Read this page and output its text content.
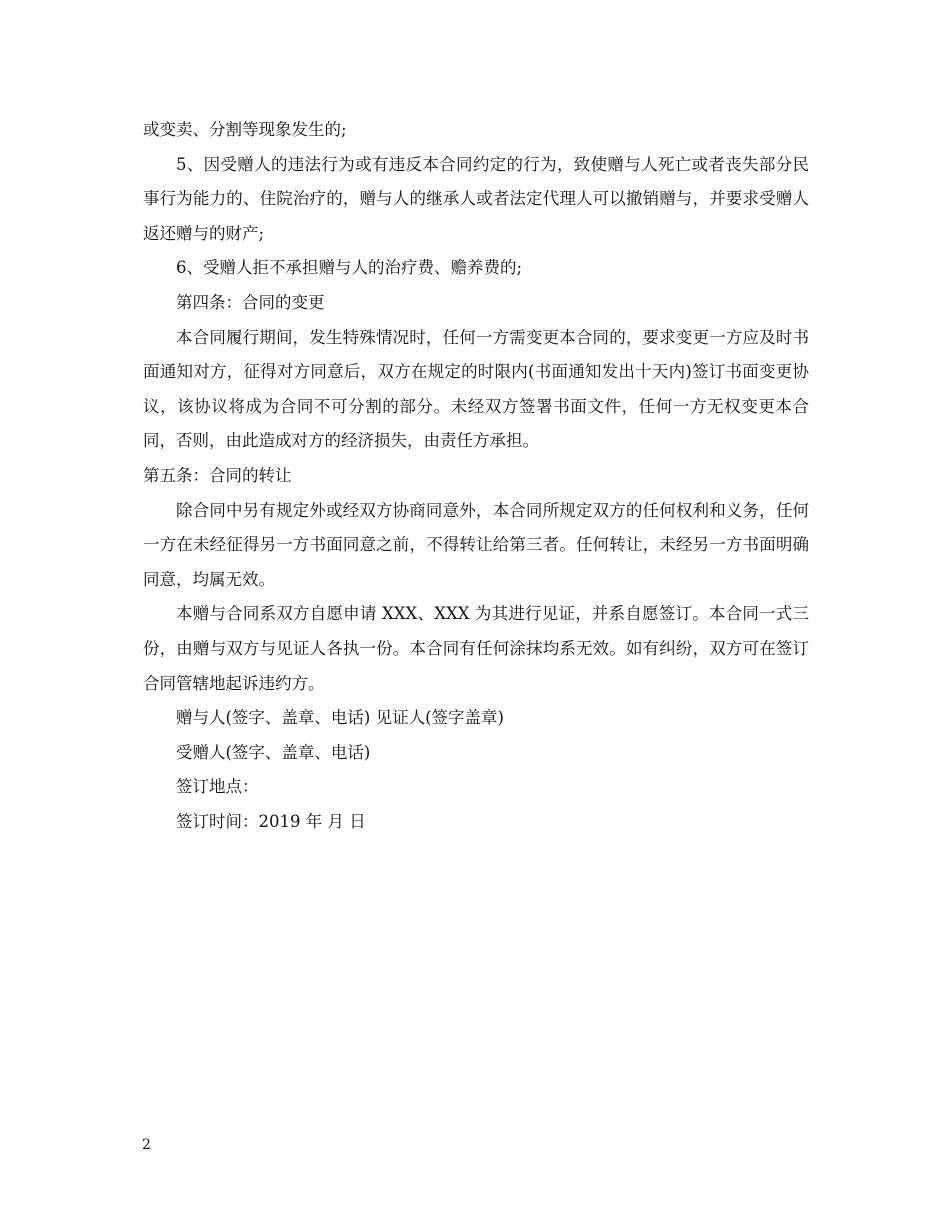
或变卖、分割等现象发生的;

5、因受赠人的违法行为或有违反本合同约定的行为，致使赠与人死亡或者丧失部分民事行为能力的、住院治疗的，赠与人的继承人或者法定代理人可以撤销赠与，并要求受赠人返还赠与的财产;

6、受赠人拒不承担赠与人的治疗费、赡养费的;

第四条：合同的变更

本合同履行期间，发生特殊情况时，任何一方需变更本合同的，要求变更一方应及时书面通知对方，征得对方同意后，双方在规定的时限内(书面通知发出十天内)签订书面变更协议，该协议将成为合同不可分割的部分。未经双方签署书面文件，任何一方无权变更本合同，否则，由此造成对方的经济损失，由责任方承担。

第五条：合同的转让

除合同中另有规定外或经双方协商同意外，本合同所规定双方的任何权利和义务，任何一方在未经征得另一方书面同意之前，不得转让给第三者。任何转让，未经另一方书面明确同意，均属无效。

本赠与合同系双方自愿申请 XXX、XXX 为其进行见证，并系自愿签订。本合同一式三份，由赠与双方与见证人各执一份。本合同有任何涂抹均系无效。如有纠纷，双方可在签订合同管辖地起诉违约方。

赠与人(签字、盖章、电话) 见证人(签字盖章)

受赠人(签字、盖章、电话)

签订地点：

签订时间：2019 年 月 日

2
